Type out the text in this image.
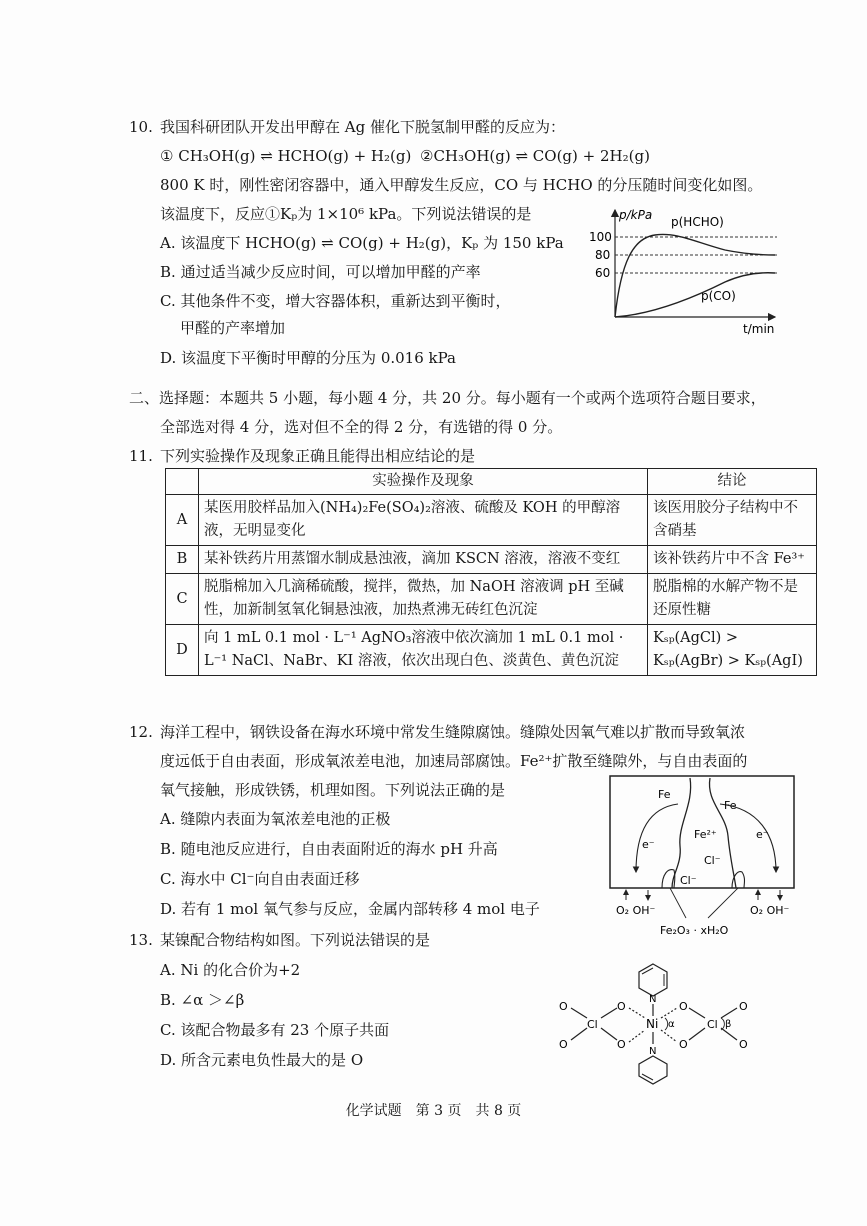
10. 我国科研团队开发出甲醇在 Ag 催化下脱氢制甲醛的反应为：
① CH₃OH(g) ⇌ HCHO(g) + H₂(g) ②CH₃OH(g) ⇌ CO(g) + 2H₂(g)
800 K 时，刚性密闭容器中，通入甲醇发生反应，CO 与 HCHO 的分压随时间变化如图。
该温度下，反应①Kₚ为 1×10⁶ kPa。下列说法错误的是
A. 该温度下 HCHO(g) ⇌ CO(g) + H₂(g)，Kₚ 为 150 kPa
B. 通过适当减少反应时间，可以增加甲醛的产率
C. 其他条件不变，增大容器体积，重新达到平衡时，
甲醛的产率增加
D. 该温度下平衡时甲醇的分压为 0.016 kPa
p/kPa
t/min
100
80
60
p(HCHO)
p(CO)
二、选择题：本题共 5 小题，每小题 4 分，共 20 分。每小题有一个或两个选项符合题目要求，
全部选对得 4 分，选对但不全的得 2 分，有选错的得 0 分。
11. 下列实验操作及现象正确且能得出相应结论的是
	实验操作及现象	结论
A	某医用胶样品加入(NH₄)₂Fe(SO₄)₂溶液、硫酸及 KOH 的甲醇溶液，无明显变化	该医用胶分子结构中不含硝基
B	某补铁药片用蒸馏水制成悬浊液，滴加 KSCN 溶液，溶液不变红	该补铁药片中不含 Fe³⁺
C	脱脂棉加入几滴稀硫酸，搅拌，微热，加 NaOH 溶液调 pH 至碱性，加新制氢氧化铜悬浊液，加热煮沸无砖红色沉淀	脱脂棉的水解产物不是还原性糖
D	向 1 mL 0.1 mol · L⁻¹ AgNO₃溶液中依次滴加 1 mL 0.1 mol · L⁻¹ NaCl、NaBr、KI 溶液，依次出现白色、淡黄色、黄色沉淀	Kₛₚ(AgCl) > Kₛₚ(AgBr) > Kₛₚ(AgI)
12. 海洋工程中，钢铁设备在海水环境中常发生缝隙腐蚀。缝隙处因氧气难以扩散而导致氧浓
度远低于自由表面，形成氧浓差电池，加速局部腐蚀。Fe²⁺扩散至缝隙外，与自由表面的
氧气接触，形成铁锈，机理如图。下列说法正确的是
A. 缝隙内表面为氧浓差电池的正极
B. 随电池反应进行，自由表面附近的海水 pH 升高
C. 海水中 Cl⁻向自由表面迁移
D. 若有 1 mol 氧气参与反应，金属内部转移 4 mol 电子
Fe
Fe
Fe²⁺
e⁻
e⁻
Cl⁻
Cl⁻
O₂ OH⁻	O₂ OH⁻
Fe₂O₃ · xH₂O
13. 某镍配合物结构如图。下列说法错误的是
A. Ni 的化合价为+2
B. ∠α ＞∠β
C. 该配合物最多有 23 个原子共面
D. 所含元素电负性最大的是 O
N
N
Ni
O
O
Cl
O
O
O
O
Cl
O
O
α	β
化学试题　第 3 页　共 8 页
